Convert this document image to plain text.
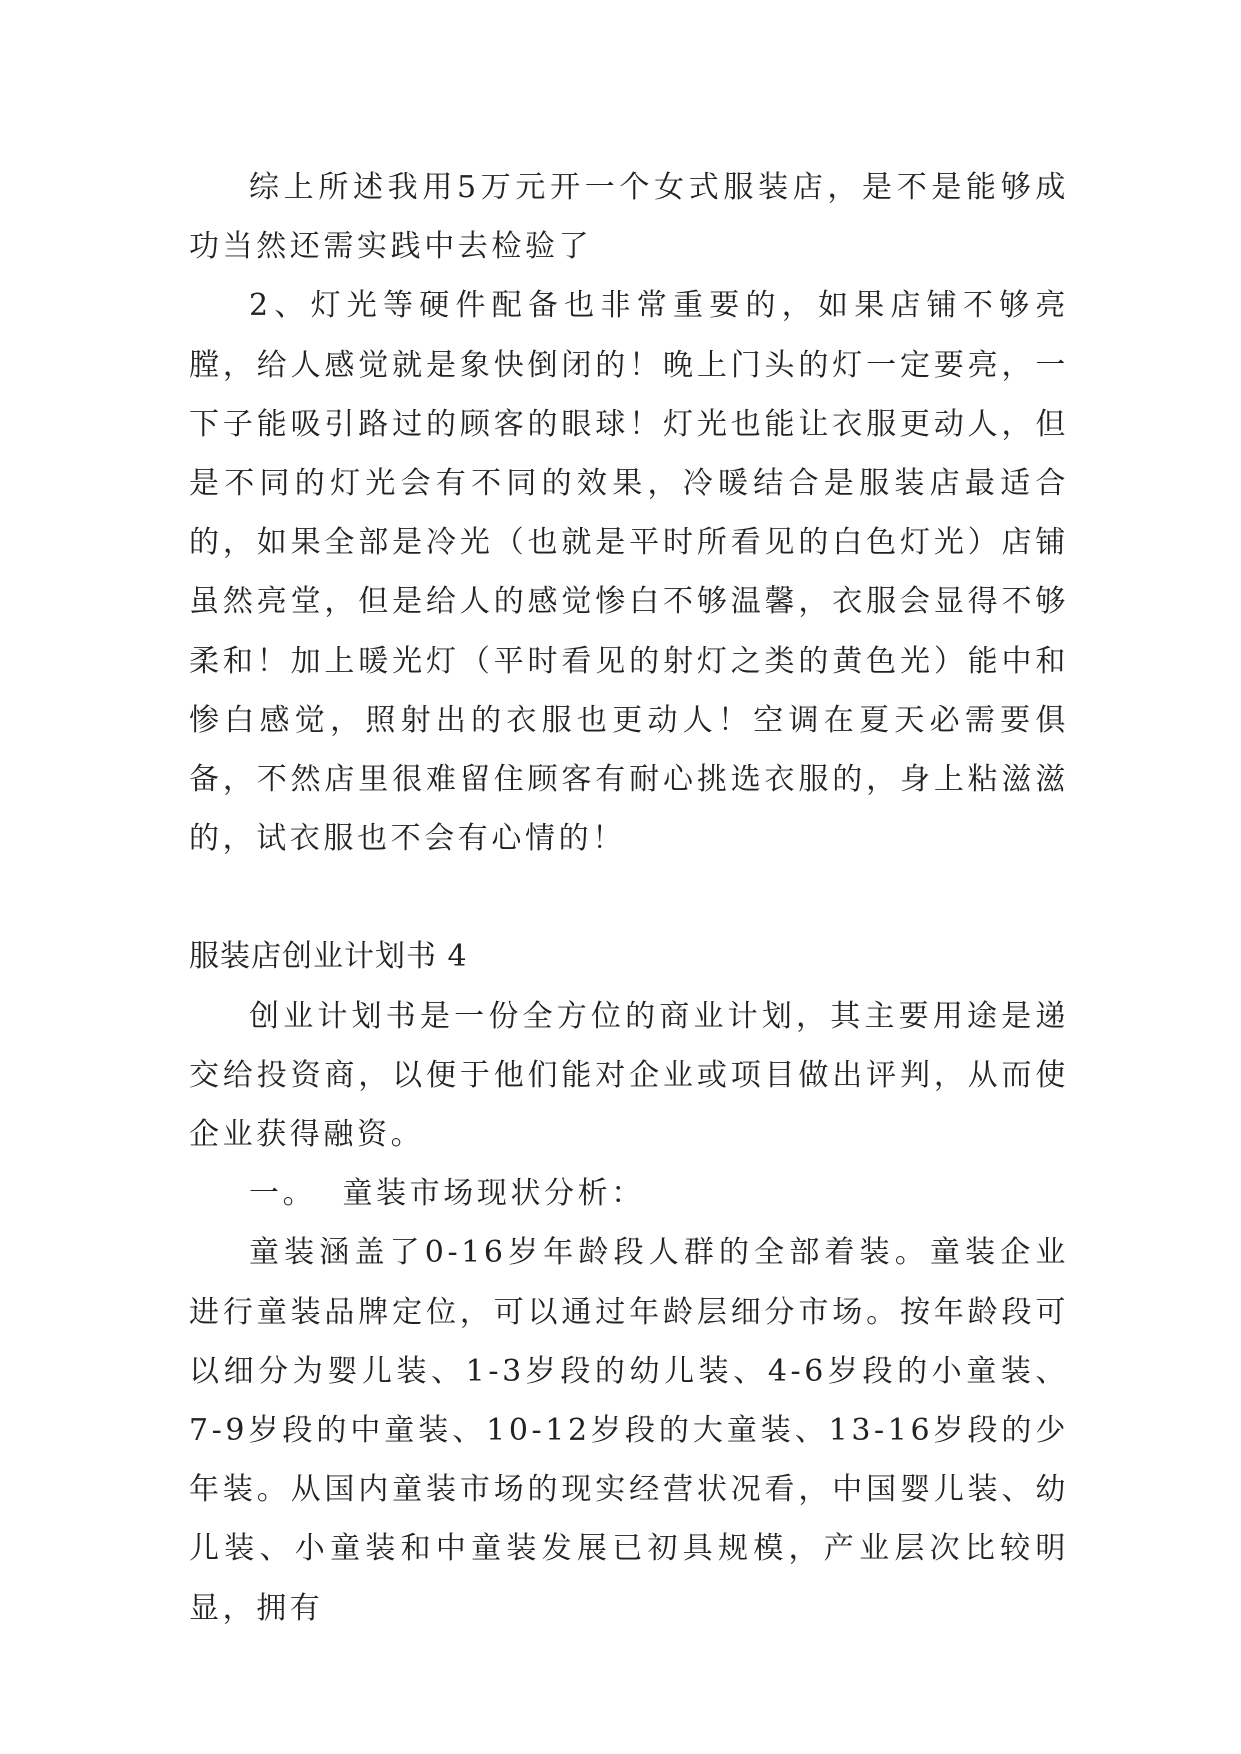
综上所述我用5万元开一个女式服装店，是不是能够成功当然还需实践中去检验了

2、灯光等硬件配备也非常重要的，如果店铺不够亮膛，给人感觉就是象快倒闭的！晚上门头的灯一定要亮，一下子能吸引路过的顾客的眼球！灯光也能让衣服更动人，但是不同的灯光会有不同的效果，冷暖结合是服装店最适合的，如果全部是冷光（也就是平时所看见的白色灯光）店铺虽然亮堂，但是给人的感觉惨白不够温馨，衣服会显得不够柔和！加上暖光灯（平时看见的射灯之类的黄色光）能中和惨白感觉，照射出的衣服也更动人！空调在夏天必需要俱备，不然店里很难留住顾客有耐心挑选衣服的，身上粘滋滋的，试衣服也不会有心情的！

服装店创业计划书 4

创业计划书是一份全方位的商业计划，其主要用途是递交给投资商，以便于他们能对企业或项目做出评判，从而使企业获得融资。

一。  童装市场现状分析：

童装涵盖了0-16岁年龄段人群的全部着装。童装企业进行童装品牌定位，可以通过年龄层细分市场。按年龄段可以细分为婴儿装、1-3岁段的幼儿装、4-6岁段的小童装、7-9岁段的中童装、10-12岁段的大童装、13-16岁段的少年装。从国内童装市场的现实经营状况看，中国婴儿装、幼儿装、小童装和中童装发展已初具规模，产业层次比较明显，拥有
